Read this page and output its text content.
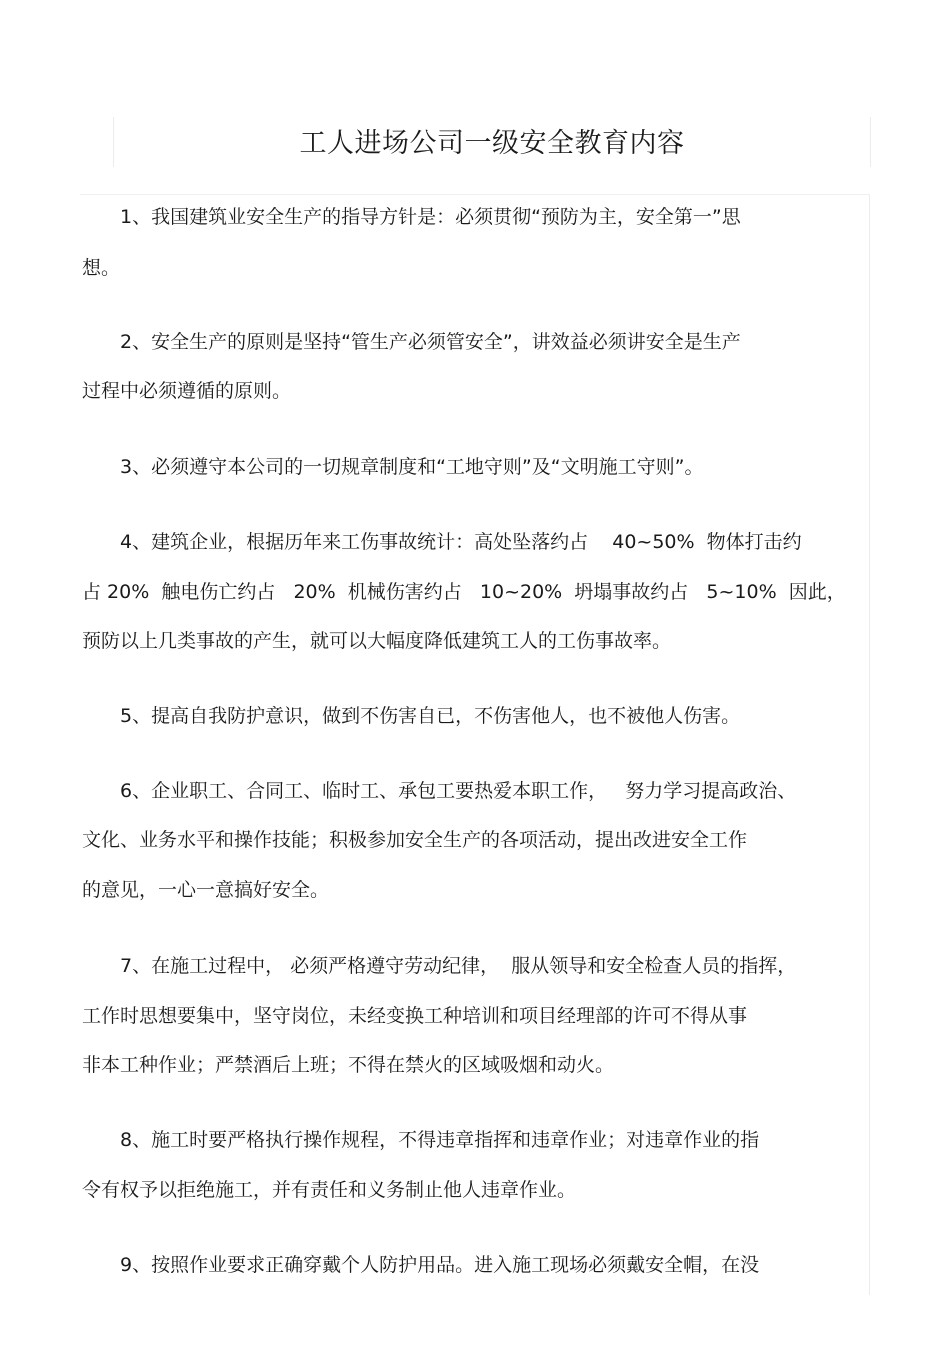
工人进场公司一级安全教育内容

1、我国建筑业安全生产的指导方针是：必须贯彻“预防为主，安全第一”思

想。

2、安全生产的原则是坚持“管生产必须管安全”，讲效益必须讲安全是生产

过程中必须遵循的原则。

3、必须遵守本公司的一切规章制度和“工地守则”及“文明施工守则”。

4、建筑企业，根据历年来工伤事故统计：高处坠落约占    40~50%  物体打击约

占 20%  触电伤亡约占   20%  机械伤害约占   10~20%  坍塌事故约占   5~10%  因此，

预防以上几类事故的产生，就可以大幅度降低建筑工人的工伤事故率。

5、提高自我防护意识，做到不伤害自已，不伤害他人，也不被他人伤害。

6、企业职工、合同工、临时工、承包工要热爱本职工作，   努力学习提高政治、

文化、业务水平和操作技能；积极参加安全生产的各项活动，提出改进安全工作

的意见，一心一意搞好安全。

7、在施工过程中， 必须严格遵守劳动纪律，  服从领导和安全检查人员的指挥，

工作时思想要集中，坚守岗位，未经变换工种培训和项目经理部的许可不得从事

非本工种作业；严禁酒后上班；不得在禁火的区域吸烟和动火。

8、施工时要严格执行操作规程，不得违章指挥和违章作业；对违章作业的指

令有权予以拒绝施工，并有责任和义务制止他人违章作业。

9、按照作业要求正确穿戴个人防护用品。进入施工现场必须戴安全帽，在没
